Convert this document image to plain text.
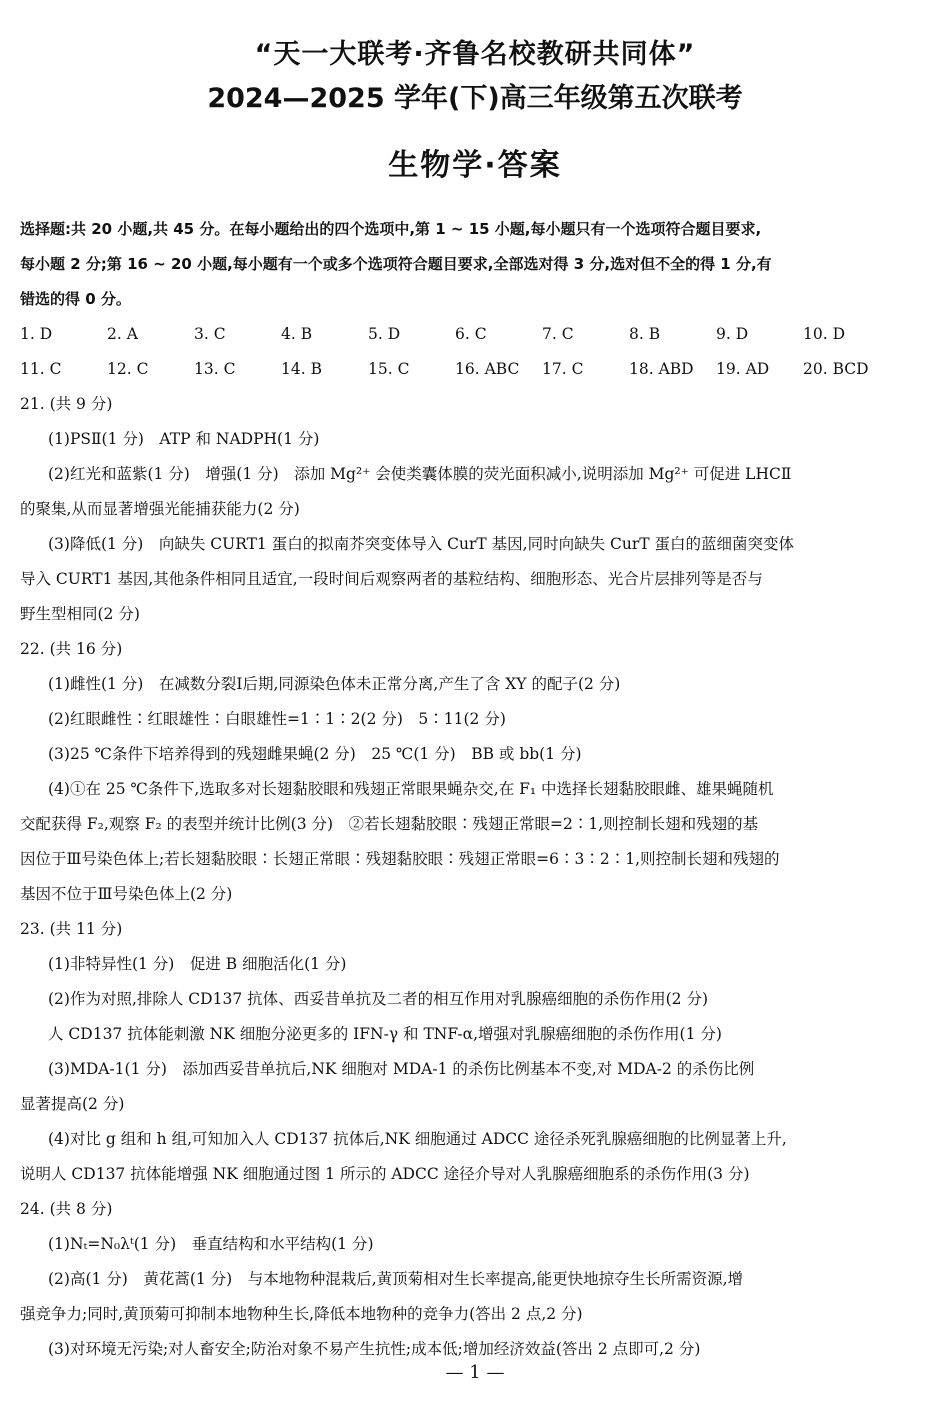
“天一大联考·齐鲁名校教研共同体”
2024—2025 学年(下)高三年级第五次联考
生物学·答案
选择题:共 20 小题,共 45 分。在每小题给出的四个选项中,第 1 ~ 15 小题,每小题只有一个选项符合题目要求,
每小题 2 分;第 16 ~ 20 小题,每小题有一个或多个选项符合题目要求,全部选对得 3 分,选对但不全的得 1 分,有
错选的得 0 分。
1. D	2. A	3. C	4. B	5. D	6. C	7. C	8. B	9. D	10. D
11. C	12. C	13. C	14. B	15. C	16. ABC	17. C	18. ABD	19. AD	20. BCD
21. (共 9 分)
(1)PSⅡ(1 分)　ATP 和 NADPH(1 分)
(2)红光和蓝紫(1 分)　增强(1 分)　添加 Mg²⁺ 会使类囊体膜的荧光面积减小,说明添加 Mg²⁺ 可促进 LHCⅡ
的聚集,从而显著增强光能捕获能力(2 分)
(3)降低(1 分)　向缺失 CURT1 蛋白的拟南芥突变体导入 CurT 基因,同时向缺失 CurT 蛋白的蓝细菌突变体
导入 CURT1 基因,其他条件相同且适宜,一段时间后观察两者的基粒结构、细胞形态、光合片层排列等是否与
野生型相同(2 分)
22. (共 16 分)
(1)雌性(1 分)　在减数分裂Ⅰ后期,同源染色体未正常分离,产生了含 XY 的配子(2 分)
(2)红眼雌性∶红眼雄性∶白眼雄性=1∶1∶2(2 分)　5∶11(2 分)
(3)25 ℃条件下培养得到的残翅雌果蝇(2 分)　25 ℃(1 分)　BB 或 bb(1 分)
(4)①在 25 ℃条件下,选取多对长翅黏胶眼和残翅正常眼果蝇杂交,在 F₁ 中选择长翅黏胶眼雌、雄果蝇随机
交配获得 F₂,观察 F₂ 的表型并统计比例(3 分)　②若长翅黏胶眼∶残翅正常眼=2∶1,则控制长翅和残翅的基
因位于Ⅲ号染色体上;若长翅黏胶眼∶长翅正常眼∶残翅黏胶眼∶残翅正常眼=6∶3∶2∶1,则控制长翅和残翅的
基因不位于Ⅲ号染色体上(2 分)
23. (共 11 分)
(1)非特异性(1 分)　促进 B 细胞活化(1 分)
(2)作为对照,排除人 CD137 抗体、西妥昔单抗及二者的相互作用对乳腺癌细胞的杀伤作用(2 分)
人 CD137 抗体能刺激 NK 细胞分泌更多的 IFN-γ 和 TNF-α,增强对乳腺癌细胞的杀伤作用(1 分)
(3)MDA-1(1 分)　添加西妥昔单抗后,NK 细胞对 MDA-1 的杀伤比例基本不变,对 MDA-2 的杀伤比例
显著提高(2 分)
(4)对比 g 组和 h 组,可知加入人 CD137 抗体后,NK 细胞通过 ADCC 途径杀死乳腺癌细胞的比例显著上升,
说明人 CD137 抗体能增强 NK 细胞通过图 1 所示的 ADCC 途径介导对人乳腺癌细胞系的杀伤作用(3 分)
24. (共 8 分)
(1)Nₜ=N₀λᵗ(1 分)　垂直结构和水平结构(1 分)
(2)高(1 分)　黄花蒿(1 分)　与本地物种混栽后,黄顶菊相对生长率提高,能更快地掠夺生长所需资源,增
强竞争力;同时,黄顶菊可抑制本地物种生长,降低本地物种的竞争力(答出 2 点,2 分)
(3)对环境无污染;对人畜安全;防治对象不易产生抗性;成本低;增加经济效益(答出 2 点即可,2 分)
— 1 —
